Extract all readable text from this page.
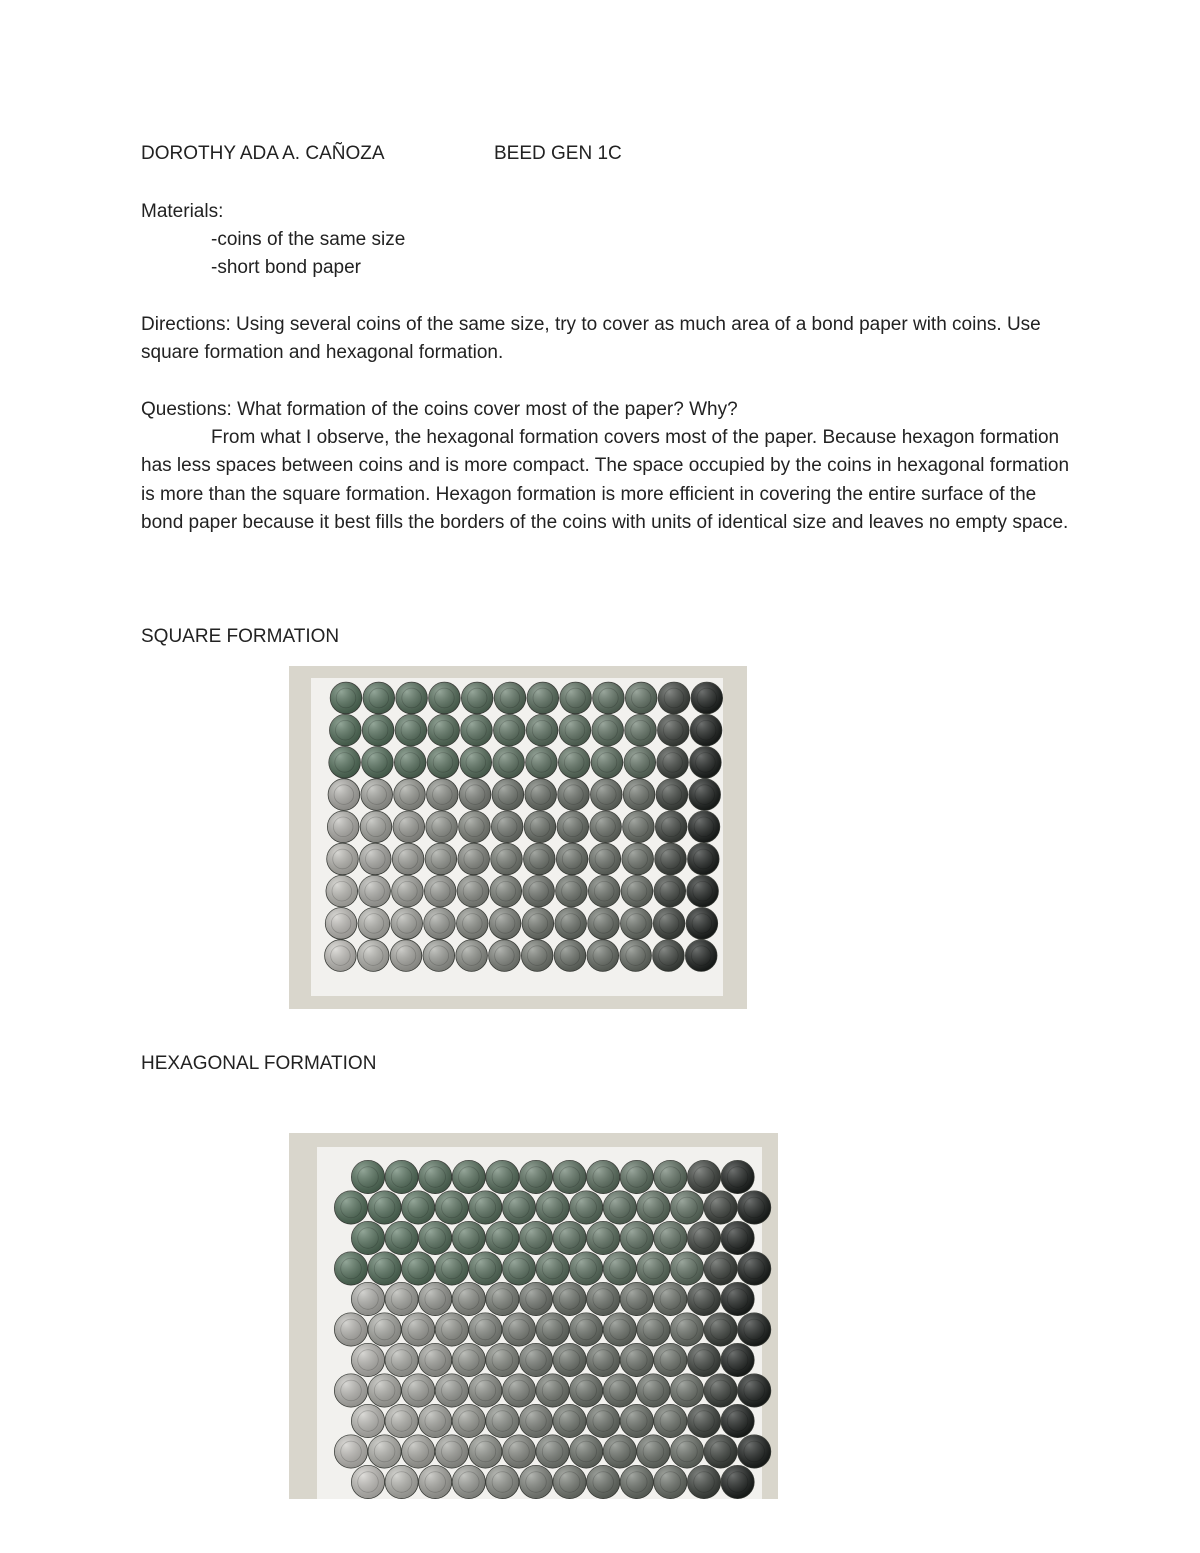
DOROTHY ADA A. CAÑOZA	BEED GEN 1C
Materials:
-coins of the same size
-short bond paper
Directions: Using several coins of the same size, try to cover as much area of a bond paper with coins. Use square formation and hexagonal formation.
Questions: What formation of the coins cover most of the paper? Why?
From what I observe, the hexagonal formation covers most of the paper. Because hexagon formation has less spaces between coins and is more compact. The space occupied by the coins in hexagonal formation is more than the square formation. Hexagon formation is more efficient in covering the entire surface of the bond paper because it best fills the borders of the coins with units of identical size and leaves no empty space.
SQUARE FORMATION
HEXAGONAL FORMATION
